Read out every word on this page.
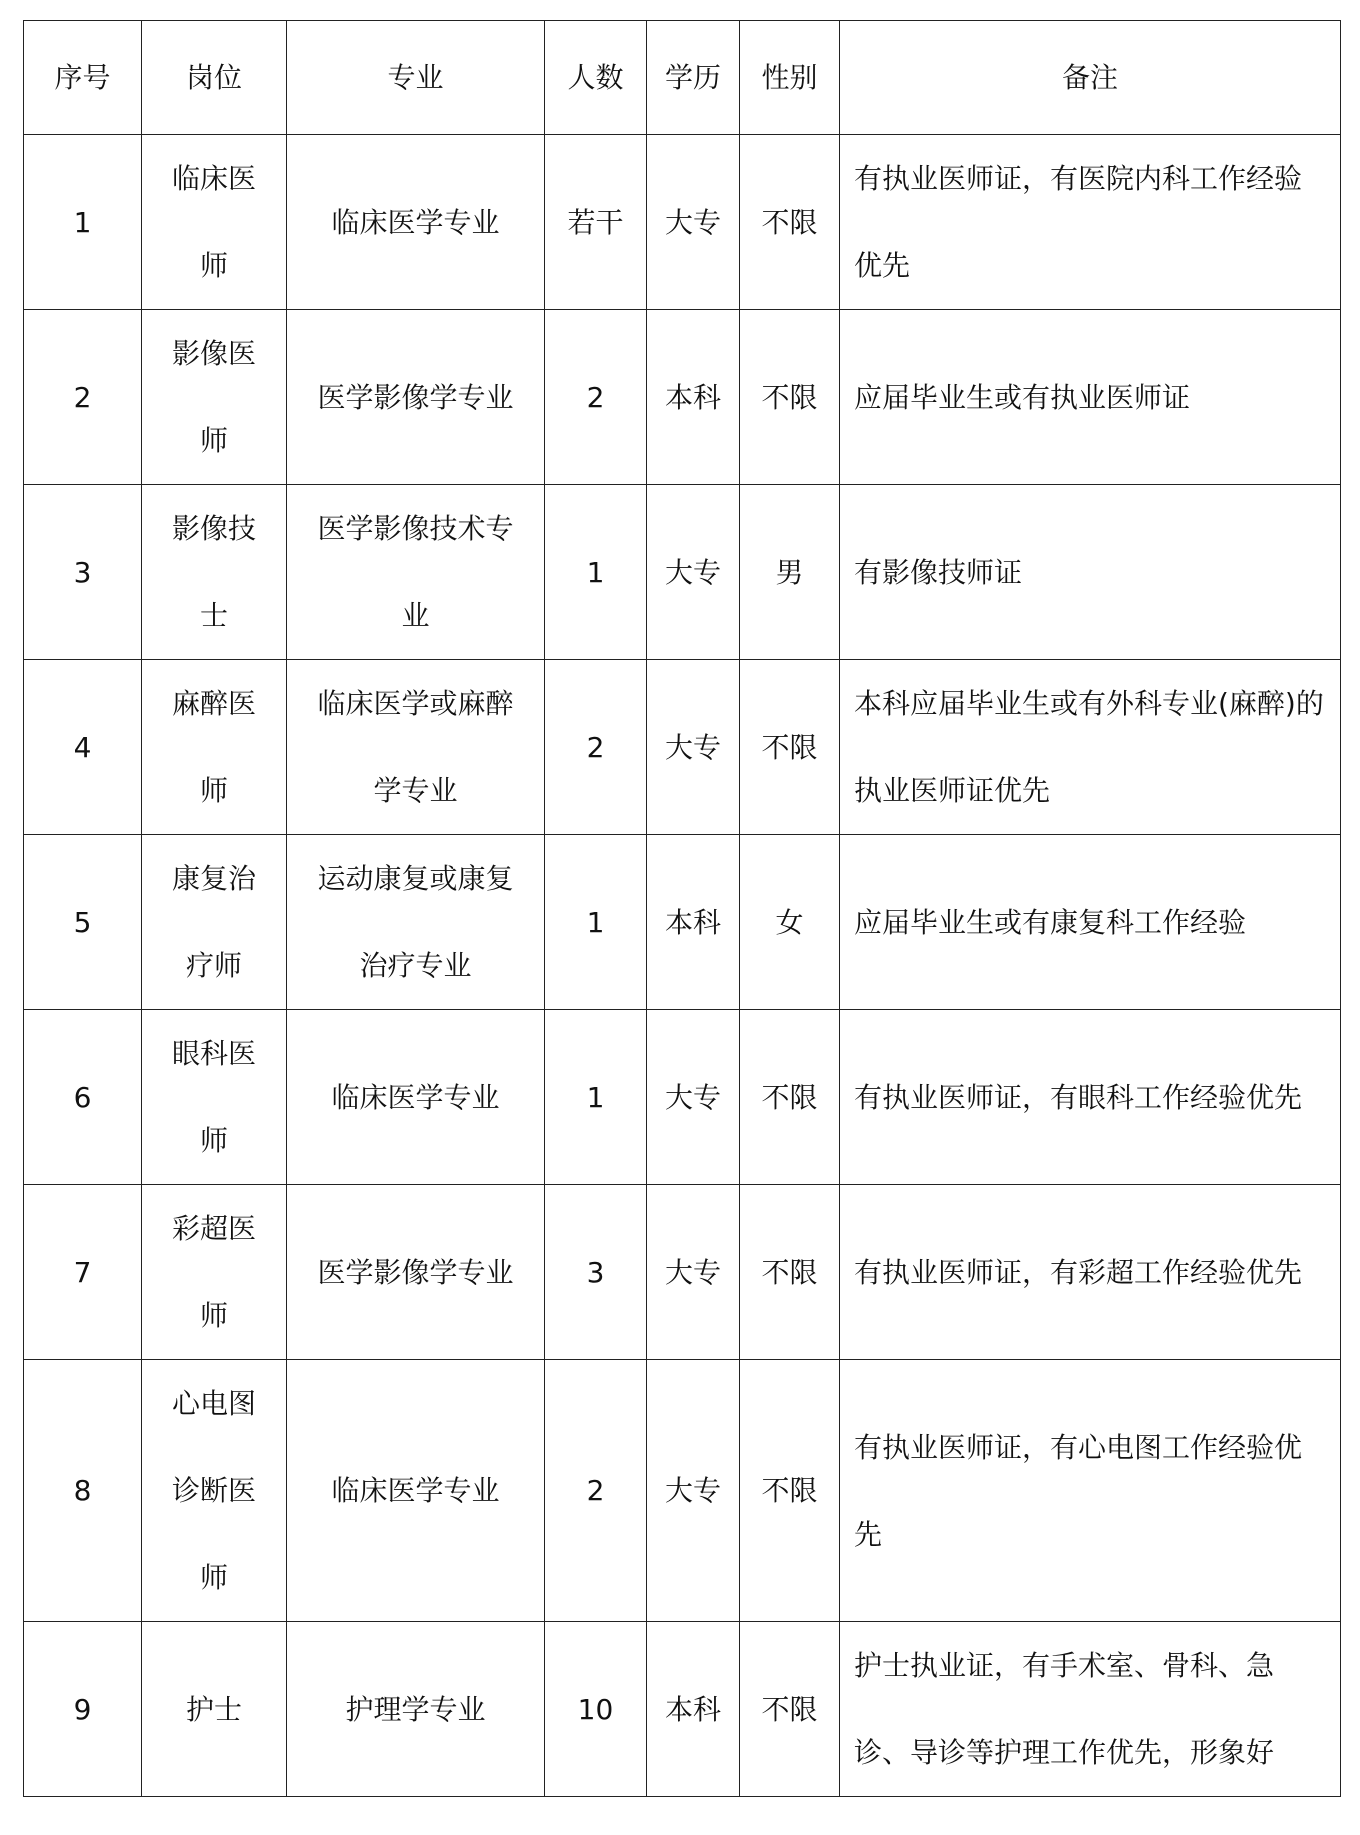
序号	岗位	专业	人数	学历	性别	备注
1	临床医师	临床医学专业	若干	大专	不限	有执业医师证，有医院内科工作经验优先
2	影像医师	医学影像学专业	2	本科	不限	应届毕业生或有执业医师证
3	影像技士	医学影像技术专业	1	大专	男	有影像技师证
4	麻醉医师	临床医学或麻醉学专业	2	大专	不限	本科应届毕业生或有外科专业(麻醉)的执业医师证优先
5	康复治疗师	运动康复或康复治疗专业	1	本科	女	应届毕业生或有康复科工作经验
6	眼科医师	临床医学专业	1	大专	不限	有执业医师证，有眼科工作经验优先
7	彩超医师	医学影像学专业	3	大专	不限	有执业医师证，有彩超工作经验优先
8	心电图诊断医师	临床医学专业	2	大专	不限	有执业医师证，有心电图工作经验优先
9	护士	护理学专业	10	本科	不限	护士执业证，有手术室、骨科、急诊、导诊等护理工作优先，形象好
